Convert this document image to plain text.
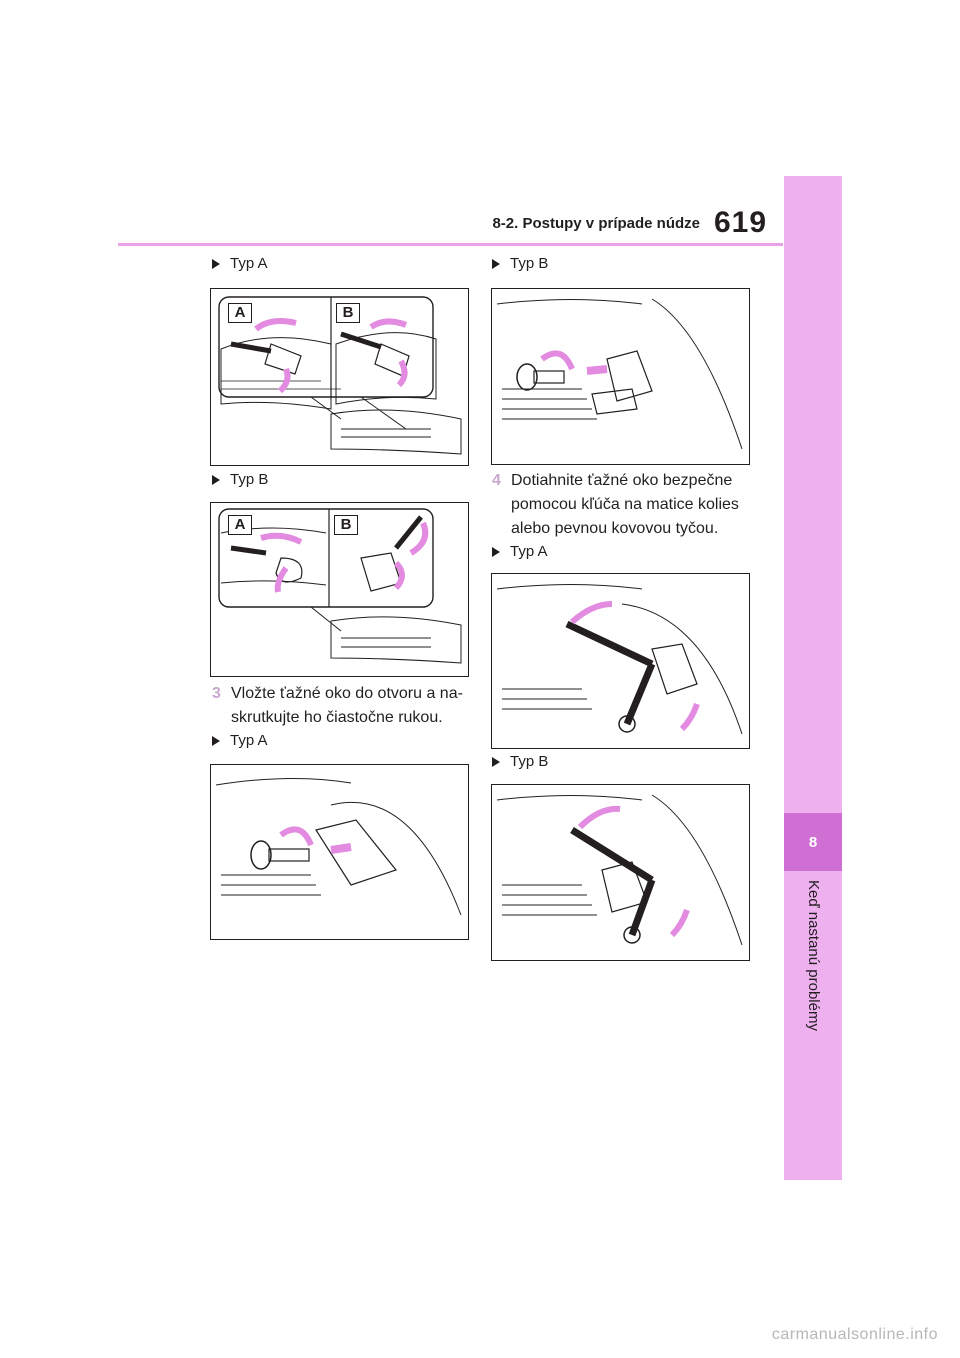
8-2. Postupy v prípade núdze 619
8
Keď nastanú problémy
Typ A
A	B
Typ B
A	B
3 Vložte ťažné oko do otvoru a na-skrutkujte ho čiastočne rukou.
Typ A
Typ B
4 Dotiahnite ťažné oko bezpečne pomocou kľúča na matice kolies alebo pevnou kovovou tyčou.
Typ A
Typ B
carmanualsonline.info
